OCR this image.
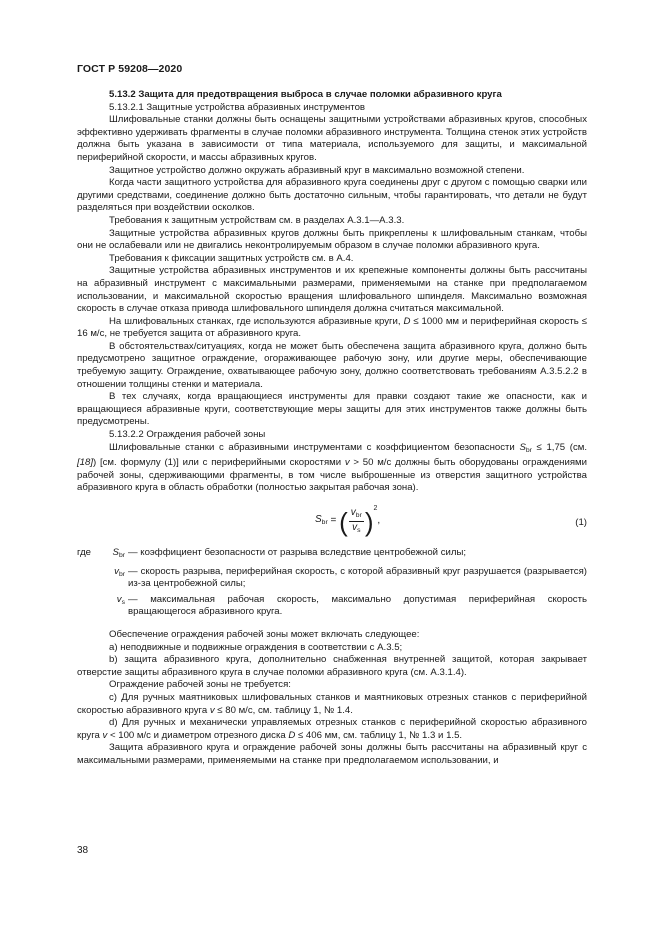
ГОСТ Р 59208—2020

5.13.2 Защита для предотвращения выброса в случае поломки абразивного круга

5.13.2.1 Защитные устройства абразивных инструментов

Шлифовальные станки должны быть оснащены защитными устройствами абразивных кругов, способных эффективно удерживать фрагменты в случае поломки абразивного инструмента. Толщина стенок этих устройств должна быть указана в зависимости от типа материала, используемого для защиты, и максимальной периферийной скорости, и массы абразивных кругов.

Защитное устройство должно окружать абразивный круг в максимально возможной степени.

Когда части защитного устройства для абразивного круга соединены друг с другом с помощью сварки или другими средствами, соединение должно быть достаточно сильным, чтобы гарантировать, что детали не будут разделяться при воздействии осколков.

Требования к защитным устройствам см. в разделах А.3.1—А.3.3.

Защитные устройства абразивных кругов должны быть прикреплены к шлифовальным станкам, чтобы они не ослабевали или не двигались неконтролируемым образом в случае поломки абразивного круга.

Требования к фиксации защитных устройств см. в А.4.

Защитные устройства абразивных инструментов и их крепежные компоненты должны быть рассчитаны на абразивный инструмент с максимальными размерами, применяемыми на станке при предполагаемом использовании, и максимальной скоростью вращения шлифовального шпинделя. Максимально возможная скорость в случае отказа привода шлифовального шпинделя должна считаться максимальной.

На шлифовальных станках, где используются абразивные круги, D ≤ 1000 мм и периферийная скорость ≤ 16 м/с, не требуется защита от абразивного круга.

В обстоятельствах/ситуациях, когда не может быть обеспечена защита абразивного круга, должно быть предусмотрено защитное ограждение, огораживающее рабочую зону, или другие меры, обеспечивающие требуемую защиту. Ограждение, охватывающее рабочую зону, должно соответствовать требованиям А.3.5.2.2 в отношении толщины стенки и материала.

В тех случаях, когда вращающиеся инструменты для правки создают такие же опасности, как и вращающиеся абразивные круги, соответствующие меры защиты для этих инструментов также должны быть предусмотрены.

5.13.2.2 Ограждения рабочей зоны

Шлифовальные станки с абразивными инструментами с коэффициентом безопасности $S_{br} \le 1,75$ (см. [18]) [см. формулу (1)] или с периферийными скоростями v > 50 м/с должны быть оборудованы ограждениями рабочей зоны, сдерживающими фрагменты, в том числе выброшенные из отверстия защитного устройства абразивного круга в область обработки (полностью закрытая рабочая зона).

$S_{br}$ = ( $\frac{v_{br}}{v_s}$ ) 2
,	(1)
где	$S_{br}$ — коэффициент безопасности от разрыва вследствие центробежной силы;
$v_{br}$ — скорость разрыва, периферийная скорость, с которой абразивный круг разрушается (разрывается) из-за центробежной силы;
$v_s$ — максимальная рабочая скорость, максимально допустимая периферийная скорость вращающегося абразивного круга.

Обеспечение ограждения рабочей зоны может включать следующее:

а) неподвижные и подвижные ограждения в соответствии с А.3.5;

b) защита абразивного круга, дополнительно снабженная внутренней защитой, которая закрывает отверстие защиты абразивного круга в случае поломки абразивного круга (см. А.3.1.4).

Ограждение рабочей зоны не требуется:

c) Для ручных маятниковых шлифовальных станков и маятниковых отрезных станков с периферийной скоростью абразивного круга v ≤ 80 м/с, см. таблицу 1, № 1.4.

d) Для ручных и механически управляемых отрезных станков с периферийной скоростью абразивного круга v < 100 м/с и диаметром отрезного диска D ≤ 406 мм, см. таблицу 1, № 1.3 и 1.5.

Защита абразивного круга и ограждение рабочей зоны должны быть рассчитаны на абразивный круг с максимальными размерами, применяемыми на станке при предполагаемом использовании, и

38
